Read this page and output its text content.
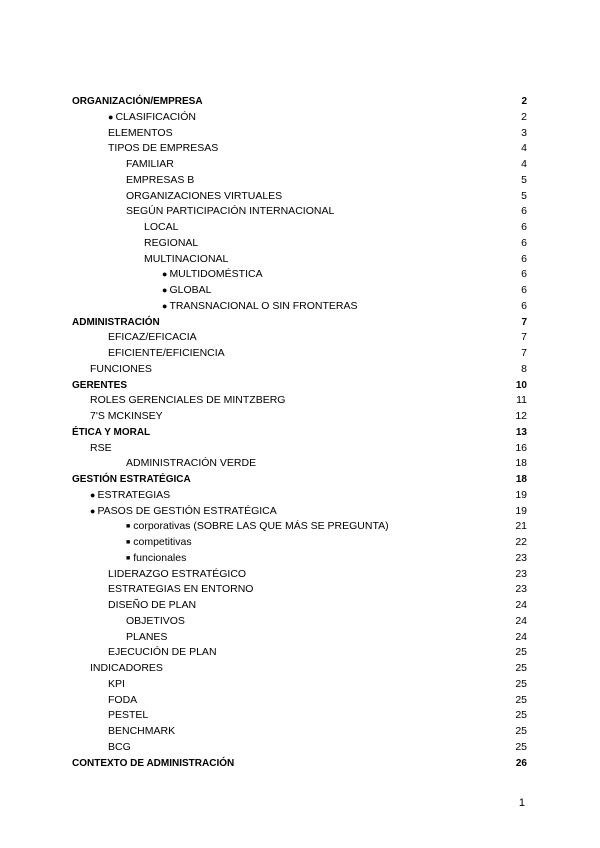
ORGANIZACIÓN/EMPRESA	2
● CLASIFICACIÓN	2
ELEMENTOS	3
TIPOS DE EMPRESAS	4
FAMILIAR	4
EMPRESAS B	5
ORGANIZACIONES VIRTUALES	5
SEGÚN PARTICIPACIÓN INTERNACIONAL	6
LOCAL	6
REGIONAL	6
MULTINACIONAL	6
● MULTIDOMÉSTICA	6
● GLOBAL	6
● TRANSNACIONAL O SIN FRONTERAS	6
ADMINISTRACIÓN	7
EFICAZ/EFICACIA	7
EFICIENTE/EFICIENCIA	7
FUNCIONES	8
GERENTES	10
ROLES GERENCIALES DE MINTZBERG	11
7'S MCKINSEY	12
ÉTICA Y MORAL	13
RSE	16
ADMINISTRACIÓN VERDE	18
GESTIÓN ESTRATÉGICA	18
● ESTRATEGIAS	19
● PASOS DE GESTIÓN ESTRATÉGICA	19
■ corporativas (SOBRE LAS QUE MÁS SE PREGUNTA)	21
■ competitivas	22
■ funcionales	23
LIDERAZGO ESTRATÉGICO	23
ESTRATEGIAS EN ENTORNO	23
DISEÑO DE PLAN	24
OBJETIVOS	24
PLANES	24
EJECUCIÓN DE PLAN	25
INDICADORES	25
KPI	25
FODA	25
PESTEL	25
BENCHMARK	25
BCG	25
CONTEXTO DE ADMINISTRACIÓN	26
1
